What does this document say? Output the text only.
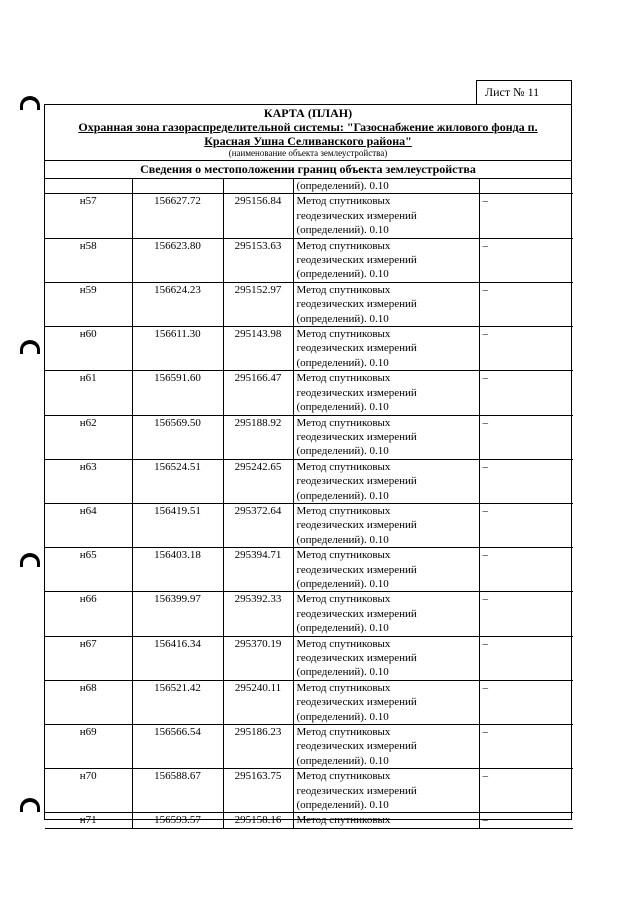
Лист № 11
КАРТА (ПЛАН)
Охранная зона газораспределительной системы: "Газоснабжение жилового фонда п.
Красная Ушна Селиванского района"
(наименование объекта землеустройства)
Сведения о местоположении границ объекта землеустройства
			(определений). 0.10	

н57	156627.72	295156.84	Метод спутниковых
геодезических измерений
(определений). 0.10	–

н58	156623.80	295153.63	Метод спутниковых
геодезических измерений
(определений). 0.10	–

н59	156624.23	295152.97	Метод спутниковых
геодезических измерений
(определений). 0.10	–

н60	156611.30	295143.98	Метод спутниковых
геодезических измерений
(определений). 0.10	–

н61	156591.60	295166.47	Метод спутниковых
геодезических измерений
(определений). 0.10	–

н62	156569.50	295188.92	Метод спутниковых
геодезических измерений
(определений). 0.10	–

н63	156524.51	295242.65	Метод спутниковых
геодезических измерений
(определений). 0.10	–

н64	156419.51	295372.64	Метод спутниковых
геодезических измерений
(определений). 0.10	–

н65	156403.18	295394.71	Метод спутниковых
геодезических измерений
(определений). 0.10	–

н66	156399.97	295392.33	Метод спутниковых
геодезических измерений
(определений). 0.10	–

н67	156416.34	295370.19	Метод спутниковых
геодезических измерений
(определений). 0.10	–

н68	156521.42	295240.11	Метод спутниковых
геодезических измерений
(определений). 0.10	–

н69	156566.54	295186.23	Метод спутниковых
геодезических измерений
(определений). 0.10	–

н70	156588.67	295163.75	Метод спутниковых
геодезических измерений
(определений). 0.10	–

н71	156593.57	295158.16	Метод спутниковых	–
